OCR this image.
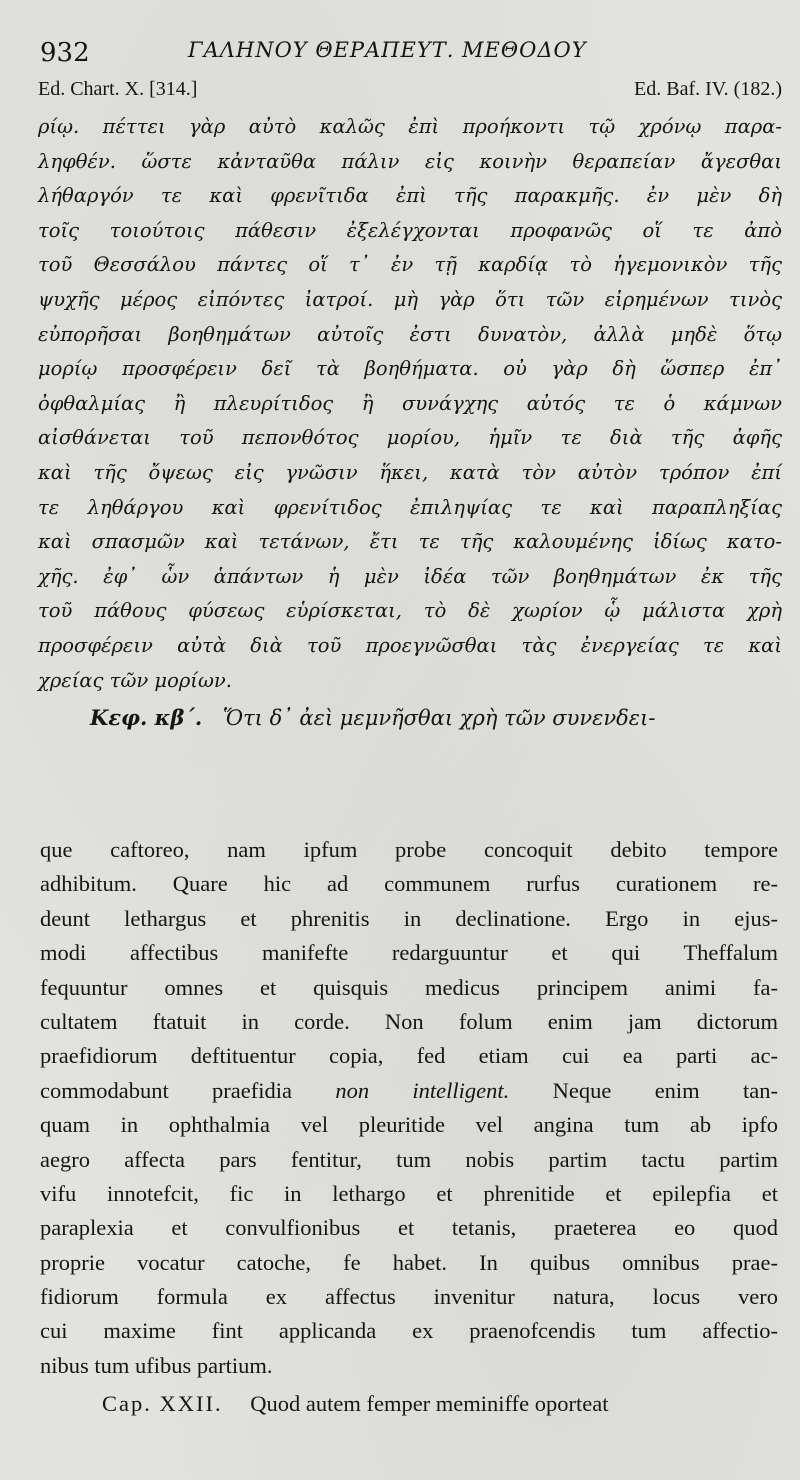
932	ΓΑΛΗΝΟΥ ΘΕΡΑΠΕΥΤ. ΜΕΘΟΔΟΥ
Ed. Chart. X. [314.]	Ed. Baf. IV. (182.)
ρίῳ. πέττει γὰρ αὐτὸ καλῶς ἐπὶ προήκοντι τῷ χρόνῳ παρα-
ληφθέν. ὥστε κἀνταῦθα πάλιν εἰς κοινὴν θεραπείαν ἄγεσθαι
λήθαργόν τε καὶ φρενῖτιδα ἐπὶ τῆς παρακμῆς. ἐν μὲν δὴ
τοῖς τοιούτοις πάθεσιν ἐξελέγχονται προφανῶς οἵ τε ἀπὸ
τοῦ Θεσσάλου πάντες οἵ τ᾽ ἐν τῇ καρδίᾳ τὸ ἡγεμονικὸν τῆς
ψυχῆς μέρος εἰπόντες ἰατροί. μὴ γὰρ ὅτι τῶν εἰρημένων τινὸς
εὐπορῆσαι βοηθημάτων αὐτοῖς ἐστι δυνατὸν, ἀλλὰ μηδὲ ὅτῳ
μορίῳ προσφέρειν δεῖ τὰ βοηθήματα. οὐ γὰρ δὴ ὥσπερ ἐπ᾽
ὀφθαλμίας ἢ πλευρίτιδος ἢ συνάγχης αὐτός τε ὁ κάμνων
αἰσθάνεται τοῦ πεπονθότος μορίου, ἡμῖν τε διὰ τῆς ἀφῆς
καὶ τῆς ὄψεως εἰς γνῶσιν ἥκει, κατὰ τὸν αὐτὸν τρόπον ἐπί
τε ληθάργου καὶ φρενίτιδος ἐπιληψίας τε καὶ παραπληξίας
καὶ σπασμῶν καὶ τετάνων, ἔτι τε τῆς καλουμένης ἰδίως κατο-
χῆς. ἐφ᾽ ὧν ἁπάντων ἡ μὲν ἰδέα τῶν βοηθημάτων ἐκ τῆς
τοῦ πάθους φύσεως εὑρίσκεται, τὸ δὲ χωρίον ᾧ μάλιστα χρὴ
προσφέρειν αὐτὰ διὰ τοῦ προεγνῶσθαι τὰς ἐνεργείας τε καὶ
χρείας τῶν μορίων.
Κεφ. κβ΄. Ὅτι δ᾽ ἀεὶ μεμνῆσθαι χρὴ τῶν συνενδει-
que caftoreo, nam ipfum probe concoquit debito tempore
adhibitum. Quare hic ad communem rurfus curationem re-
deunt lethargus et phrenitis in declinatione. Ergo in ejus-
modi affectibus manifefte redarguuntur et qui Theffalum
fequuntur omnes et quisquis medicus principem animi fa-
cultatem ftatuit in corde. Non folum enim jam dictorum
praefidiorum deftituentur copia, fed etiam cui ea parti ac-
commodabunt praefidia non intelligent. Neque enim tan-
quam in ophthalmia vel pleuritide vel angina tum ab ipfo
aegro affecta pars fentitur, tum nobis partim tactu partim
vifu innotefcit, fic in lethargo et phrenitide et epilepfia et
paraplexia et convulfionibus et tetanis, praeterea eo quod
proprie vocatur catoche, fe habet. In quibus omnibus prae-
fidiorum formula ex affectus invenitur natura, locus vero
cui maxime fint applicanda ex praenofcendis tum affectio-
nibus tum ufibus partium.
Cap. XXII. Quod autem femper meminiffe oporteat
